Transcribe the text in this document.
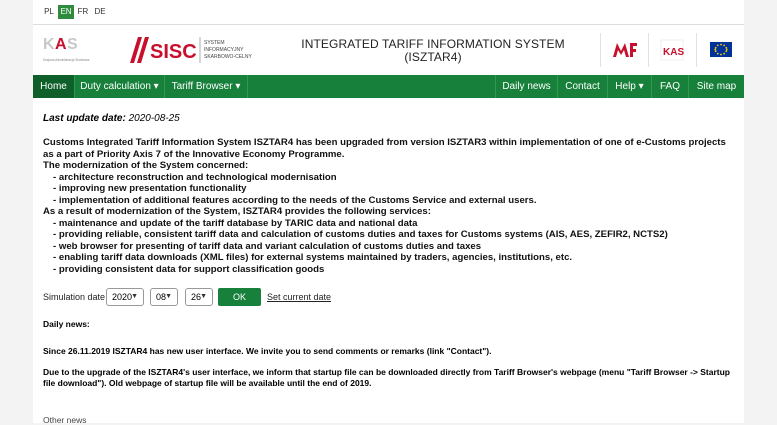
PL EN FR DE
K A S
Krajowa Administracja Skarbowa	SISC SYSTEM
INFORMACYJNY
SKARBOWO-CELNY
INTEGRATED TARIFF INFORMATION SYSTEM
(ISZTAR4)	KAS
Home	Duty calculation ▾	Tariff Browser ▾	Daily news	Contact	Help ▾	FAQ	Site map
Last update date: 2020-08-25
Customs Integrated Tariff Information System ISZTAR4 has been upgraded from version ISZTAR3 within implementation of one of e-Customs projects as a part of Priority Axis 7 of the Innovative Economy Programme.
The modernization of the System concerned:
- architecture reconstruction and technological modernisation
- improving new presentation functionality
- implementation of additional features according to the needs of the Customs Service and external users.
As a result of modernization of the System, ISZTAR4 provides the following services:
- maintenance and update of the tariff database by TARIC data and national data
- providing reliable, consistent tariff data and calculation of customs duties and taxes for Customs systems (AIS, AES, ZEFIR2, NCTS2)
- web browser for presenting of tariff data and variant calculation of customs duties and taxes
- enabling tariff data downloads (XML files) for external systems maintained by traders, agencies, institutions, etc.
- providing consistent data for support classification goods
Simulation date 2020 ▼	08 ▼	26 ▼	OK	Set current date
Daily news:
Since 26.11.2019 ISZTAR4 has new user interface. We invite you to send comments or remarks (link "Contact").
Due to the upgrade of the ISZTAR4's user interface, we inform that startup file can be downloaded directly from Tariff Browser's webpage (menu "Tariff Browser -> Startup file download"). Old webpage of startup file will be available until the end of 2019.
Other news
